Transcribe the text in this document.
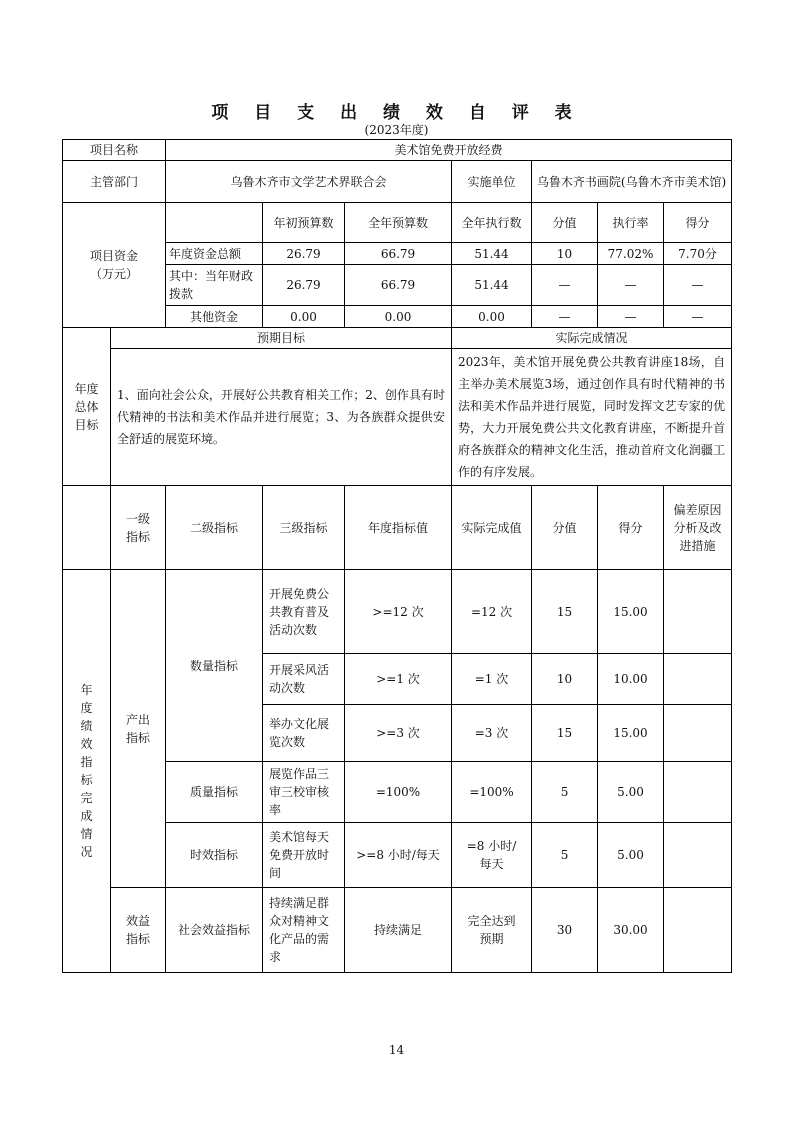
项 目 支 出 绩 效 自 评 表
(2023年度)
项目名称		美术馆免费开放经费						
主管部门		乌鲁木齐市文学艺术界联合会			实施单位	乌鲁木齐书画院(乌鲁木齐市美术馆)		
项目资金
（万元）			年初预算数	全年预算数	全年执行数	分值	执行率	得分
		年度资金总额	26.79	66.79	51.44	10	77.02%	7.70分
		其中：当年财政拨款	26.79	66.79	51.44	—	—	—
		其他资金	0.00	0.00	0.00	—	—	—
年度总体目标	预期目标				实际完成情况			
	1、面向社会公众，开展好公共教育相关工作；2、创作具有时代精神的书法和美术作品并进行展览；3、为各族群众提供安全舒适的展览环境。				2023年，美术馆开展免费公共教育讲座18场，自主举办美术展览3场，通过创作具有时代精神的书法和美术作品并进行展览，同时发挥文艺专家的优势，大力开展免费公共文化教育讲座，不断提升首府各族群众的精神文化生活，推动首府文化润疆工作的有序发展。			
	一级指标	二级指标	三级指标	年度指标值	实际完成值	分值	得分	偏差原因分析及改进措施
年度绩效指标完成情况	产出指标	数量指标	开展免费公共教育普及活动次数	>=12 次	=12 次	15	15.00	
			开展采风活动次数	>=1 次	=1 次	10	10.00	
			举办文化展览次数	>=3 次	=3 次	15	15.00	
		质量指标	展览作品三审三校审核率	=100%	=100%	5	5.00	
		时效指标	美术馆每天免费开放时间	>=8 小时/每天	=8 小时/每天	5	5.00	
	效益指标	社会效益指标	持续满足群众对精神文化产品的需求	持续满足	完全达到预期	30	30.00	
14
